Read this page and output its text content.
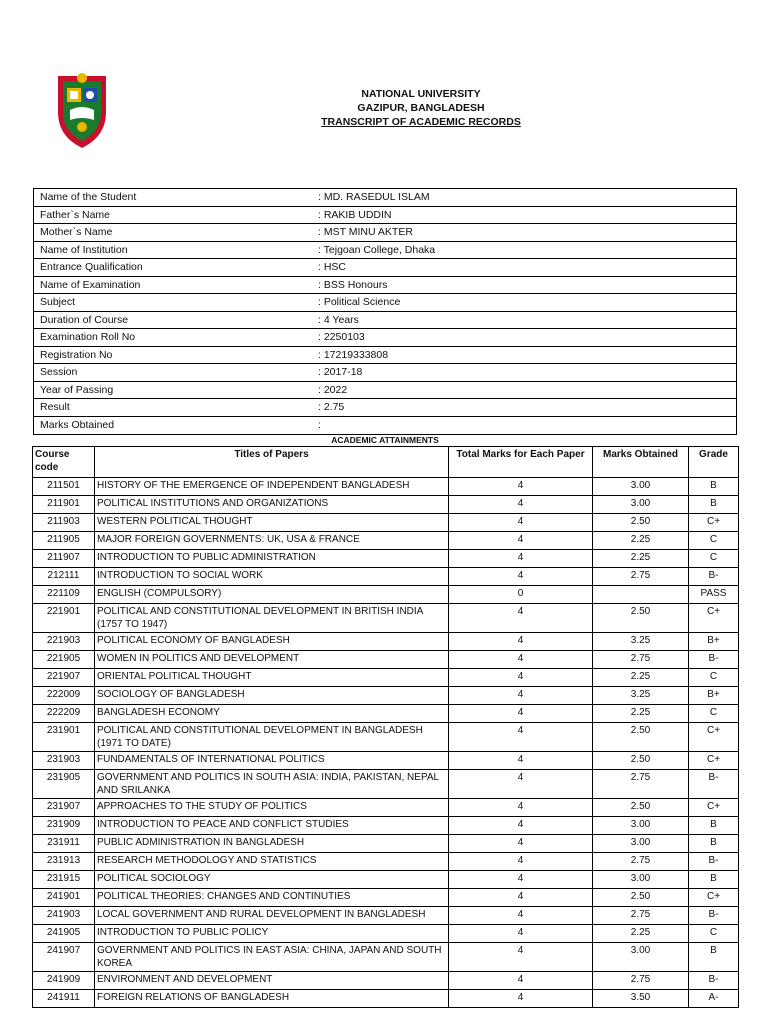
NATIONAL UNIVERSITY
GAZIPUR, BANGLADESH
TRANSCRIPT OF ACADEMIC RECORDS
Name of the Student	: MD. RASEDUL ISLAM
Father`s Name	: RAKIB UDDIN
Mother`s Name	: MST MINU AKTER
Name of Institution	: Tejgoan College, Dhaka
Entrance Qualification	: HSC
Name of Examination	: BSS Honours
Subject	: Political Science
Duration of Course	: 4 Years
Examination Roll No	: 2250103
Registration No	: 17219333808
Session	: 2017-18
Year of Passing	: 2022
Result	: 2.75
Marks Obtained	:
ACADEMIC ATTAINMENTS
Course code	Titles of Papers	Total Marks for Each Paper	Marks Obtained	Grade
211501	HISTORY OF THE EMERGENCE OF INDEPENDENT BANGLADESH	4	3.00	B
211901	POLITICAL INSTITUTIONS AND ORGANIZATIONS	4	3.00	B
211903	WESTERN POLITICAL THOUGHT	4	2.50	C+
211905	MAJOR FOREIGN GOVERNMENTS: UK, USA & FRANCE	4	2.25	C
211907	INTRODUCTION TO PUBLIC ADMINISTRATION	4	2.25	C
212111	INTRODUCTION TO SOCIAL WORK	4	2.75	B-
221109	ENGLISH (COMPULSORY)	0		PASS
221901	POLITICAL AND CONSTITUTIONAL DEVELOPMENT IN BRITISH INDIA (1757 TO 1947)	4	2.50	C+
221903	POLITICAL ECONOMY OF BANGLADESH	4	3.25	B+
221905	WOMEN IN POLITICS AND DEVELOPMENT	4	2.75	B-
221907	ORIENTAL POLITICAL THOUGHT	4	2.25	C
222009	SOCIOLOGY OF BANGLADESH	4	3.25	B+
222209	BANGLADESH ECONOMY	4	2.25	C
231901	POLITICAL AND CONSTITUTIONAL DEVELOPMENT IN BANGLADESH (1971 TO DATE)	4	2.50	C+
231903	FUNDAMENTALS OF INTERNATIONAL POLITICS	4	2.50	C+
231905	GOVERNMENT AND POLITICS IN SOUTH ASIA: INDIA, PAKISTAN, NEPAL AND SRILANKA	4	2.75	B-
231907	APPROACHES TO THE STUDY OF POLITICS	4	2.50	C+
231909	INTRODUCTION TO PEACE AND CONFLICT STUDIES	4	3.00	B
231911	PUBLIC ADMINISTRATION IN BANGLADESH	4	3.00	B
231913	RESEARCH METHODOLOGY AND STATISTICS	4	2.75	B-
231915	POLITICAL SOCIOLOGY	4	3.00	B
241901	POLITICAL THEORIES: CHANGES AND CONTINUTIES	4	2.50	C+
241903	LOCAL GOVERNMENT AND RURAL DEVELOPMENT IN BANGLADESH	4	2.75	B-
241905	INTRODUCTION TO PUBLIC POLICY	4	2.25	C
241907	GOVERNMENT AND POLITICS IN EAST ASIA: CHINA, JAPAN AND SOUTH KOREA	4	3.00	B
241909	ENVIRONMENT AND DEVELOPMENT	4	2.75	B-
241911	FOREIGN RELATIONS OF BANGLADESH	4	3.50	A-
